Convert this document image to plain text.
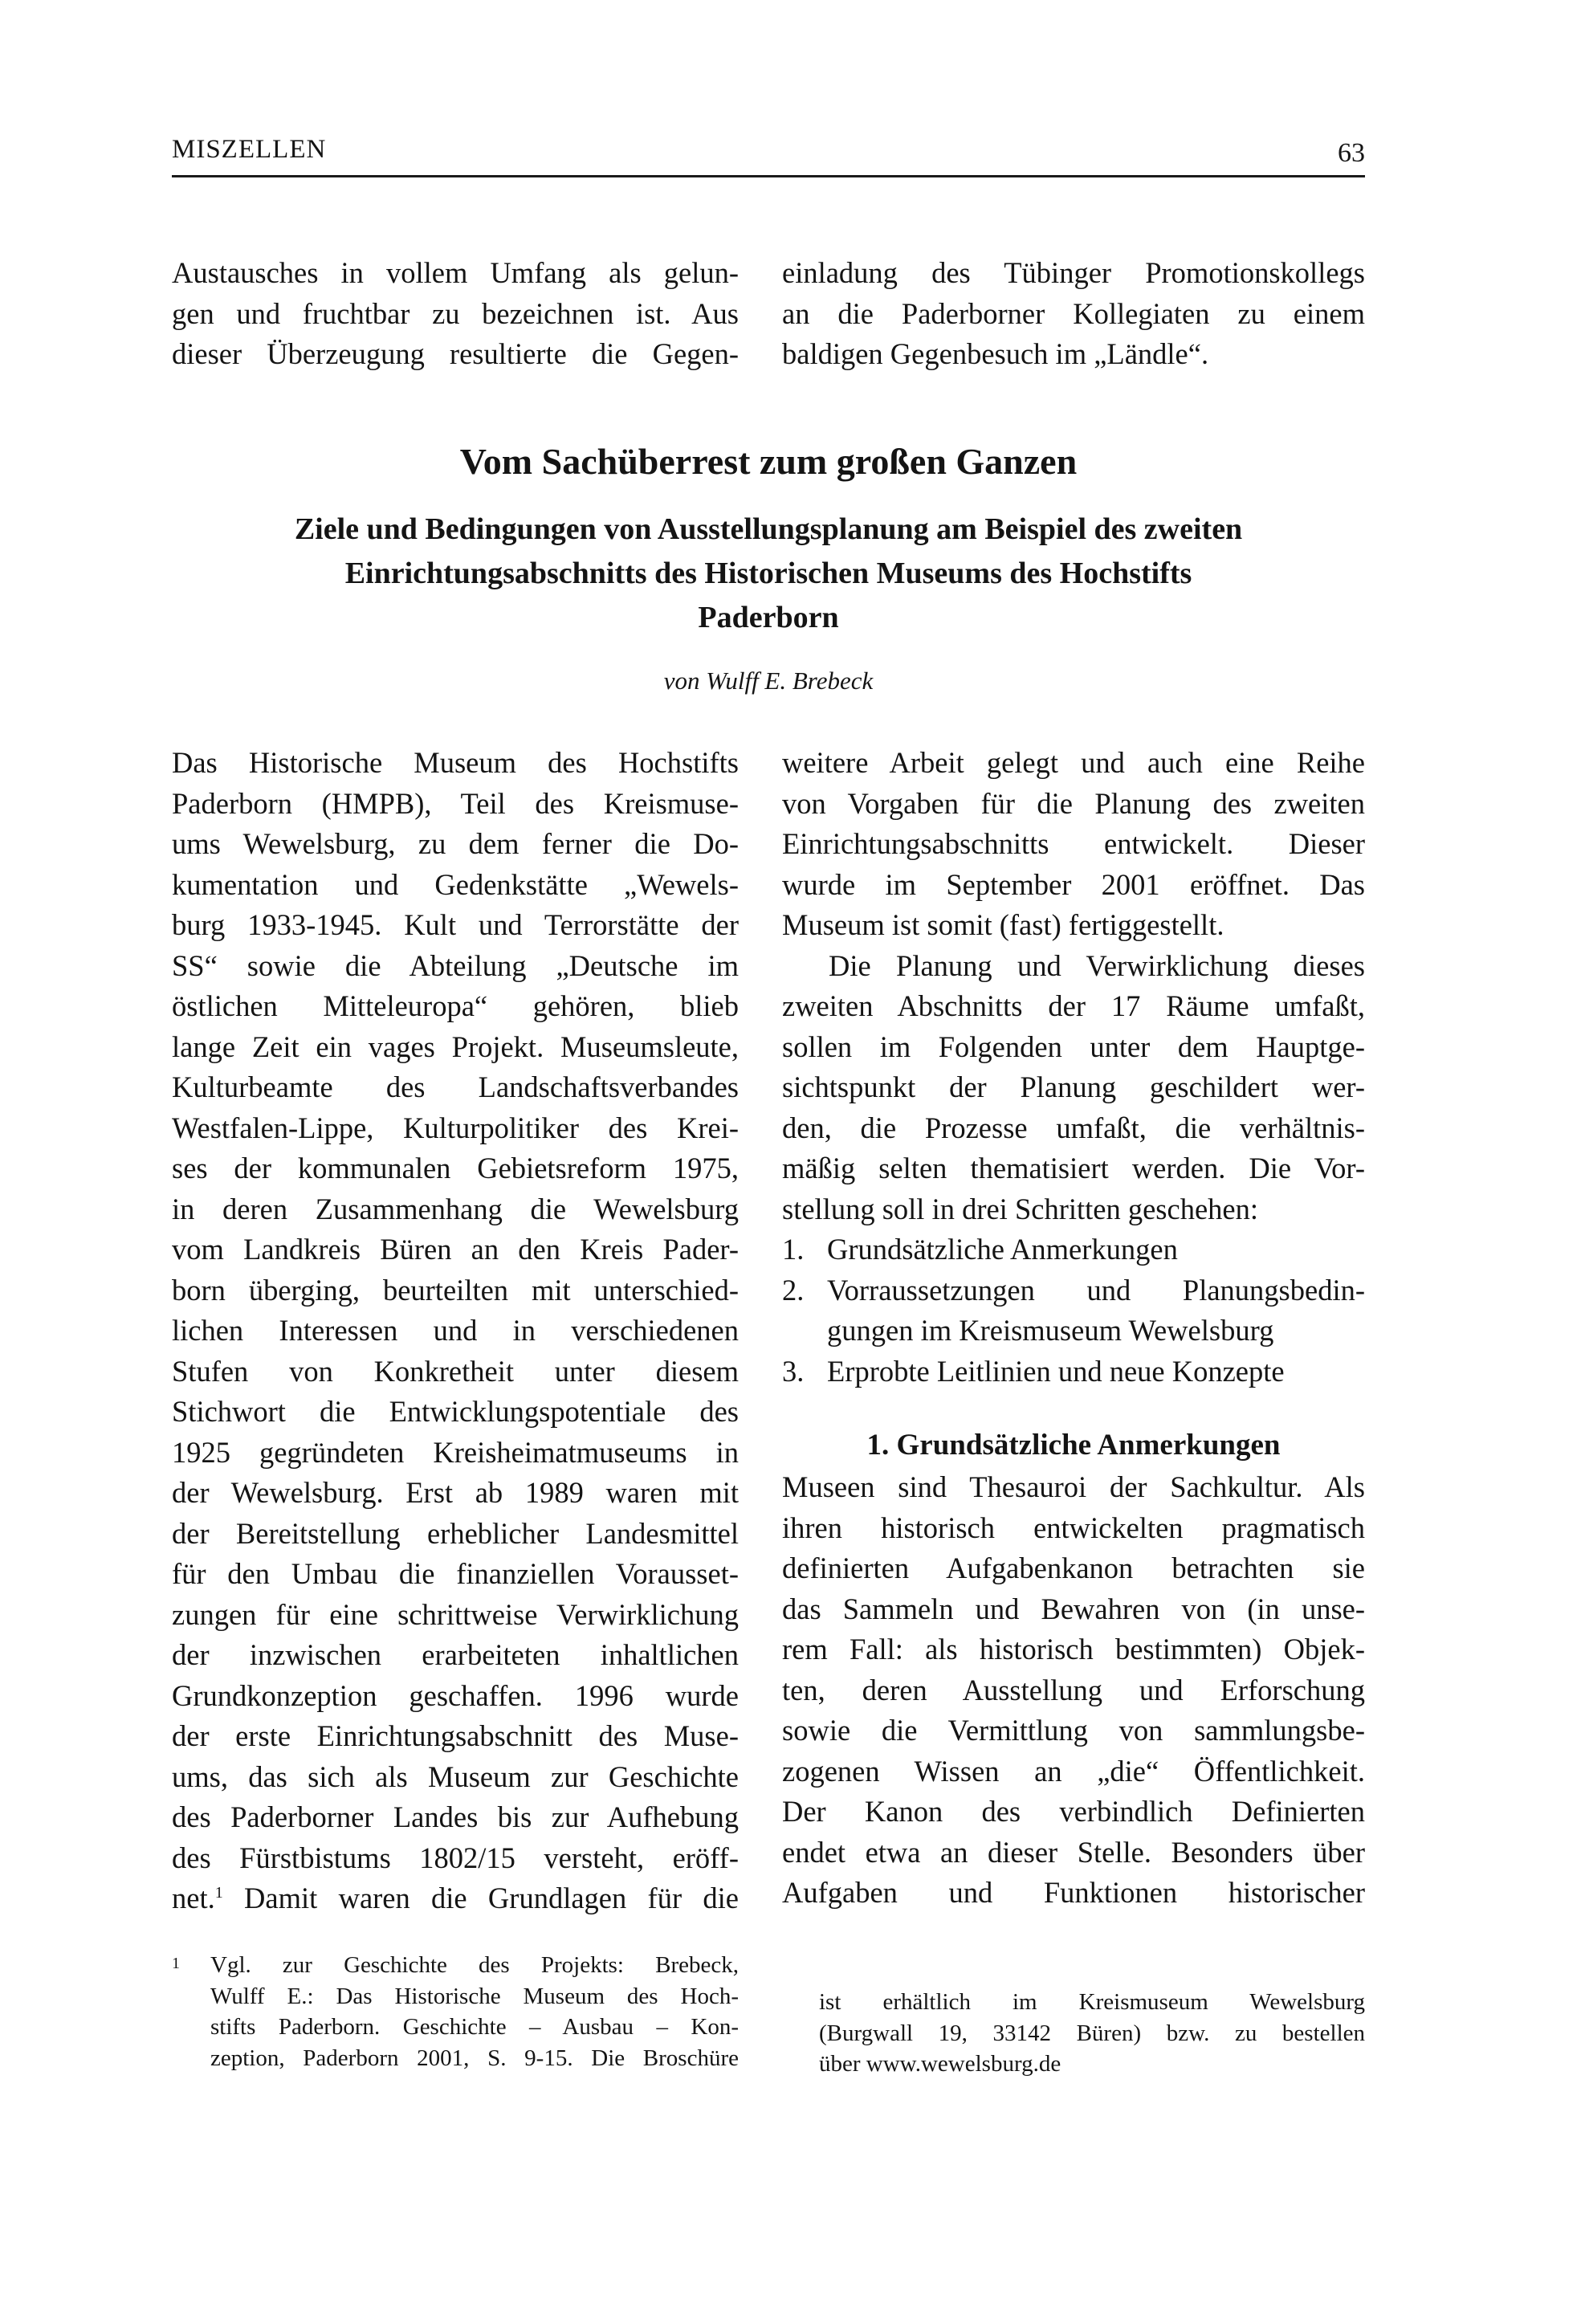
MISZELLEN	63
Austausches in vollem Umfang als gelun-
gen und fruchtbar zu bezeichnen ist. Aus
dieser Überzeugung resultierte die Gegen-
einladung des Tübinger Promotionskollegs
an die Paderborner Kollegiaten zu einem
baldigen Gegenbesuch im „Ländle“.
Vom Sachüberrest zum großen Ganzen
Ziele und Bedingungen von Ausstellungsplanung am Beispiel des zweiten
Einrichtungsabschnitts des Historischen Museums des Hochstifts
Paderborn
von Wulff E. Brebeck
Das Historische Museum des Hochstifts
Paderborn (HMPB), Teil des Kreismuse-
ums Wewelsburg, zu dem ferner die Do-
kumentation und Gedenkstätte „Wewels-
burg 1933-1945. Kult und Terrorstätte der
SS“ sowie die Abteilung „Deutsche im
östlichen Mitteleuropa“ gehören, blieb
lange Zeit ein vages Projekt. Museumsleute,
Kulturbeamte des Landschaftsverbandes
Westfalen-Lippe, Kulturpolitiker des Krei-
ses der kommunalen Gebietsreform 1975,
in deren Zusammenhang die Wewelsburg
vom Landkreis Büren an den Kreis Pader-
born überging, beurteilten mit unterschied-
lichen Interessen und in verschiedenen
Stufen von Konkretheit unter diesem
Stichwort die Entwicklungspotentiale des
1925 gegründeten Kreisheimatmuseums in
der Wewelsburg. Erst ab 1989 waren mit
der Bereitstellung erheblicher Landesmittel
für den Umbau die finanziellen Vorausset-
zungen für eine schrittweise Verwirklichung
der inzwischen erarbeiteten inhaltlichen
Grundkonzeption geschaffen. 1996 wurde
der erste Einrichtungsabschnitt des Muse-
ums, das sich als Museum zur Geschichte
des Paderborner Landes bis zur Aufhebung
des Fürstbistums 1802/15 versteht, eröff-
net.$^1$ Damit waren die Grundlagen für die
weitere Arbeit gelegt und auch eine Reihe
von Vorgaben für die Planung des zweiten
Einrichtungsabschnitts entwickelt. Dieser
wurde im September 2001 eröffnet. Das
Museum ist somit (fast) fertiggestellt.
Die Planung und Verwirklichung dieses
zweiten Abschnitts der 17 Räume umfaßt,
sollen im Folgenden unter dem Hauptge-
sichtspunkt der Planung geschildert wer-
den, die Prozesse umfaßt, die verhältnis-
mäßig selten thematisiert werden. Die Vor-
stellung soll in drei Schritten geschehen:
1. Grundsätzliche Anmerkungen
2. Vorraussetzungen und Planungsbedin-
gungen im Kreismuseum Wewelsburg
3. Erprobte Leitlinien und neue Konzepte
1. Grundsätzliche Anmerkungen
Museen sind Thesauroi der Sachkultur. Als
ihren historisch entwickelten pragmatisch
definierten Aufgabenkanon betrachten sie
das Sammeln und Bewahren von (in unse-
rem Fall: als historisch bestimmten) Objek-
ten, deren Ausstellung und Erforschung
sowie die Vermittlung von sammlungsbe-
zogenen Wissen an „die“ Öffentlichkeit.
Der Kanon des verbindlich Definierten
endet etwa an dieser Stelle. Besonders über
Aufgaben und Funktionen historischer
1 Vgl. zur Geschichte des Projekts: Brebeck,
Wulff E.: Das Historische Museum des Hoch-
stifts Paderborn. Geschichte – Ausbau – Kon-
zeption, Paderborn 2001, S. 9-15. Die Broschüre
ist erhältlich im Kreismuseum Wewelsburg
(Burgwall 19, 33142 Büren) bzw. zu bestellen
über www.wewelsburg.de
